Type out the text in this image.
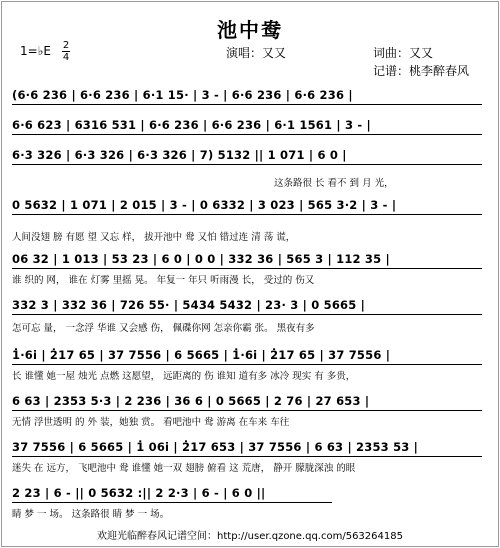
池中鸯
1=♭E 2
4	演唱：又又	词曲：又又
记谱：桃李醉春风
(6·6 236 | 6·6 236 | 6·1 15· | 3 - | 6·6 236 | 6·6 236 |
6·6 623 | 6316 531 | 6·6 236 | 6·6 236 | 6·1 1561 | 3 - |
6·3 326 | 6·3 326 | 6·3 326 | 7) 5132 || 1 071 | 6 0 |
这条路很 长 看不 到 月 光，
0 5632 | 1 071 | 2 015 | 3 - | 0 6332 | 3 023 | 565 3·2 | 3 - |
人间没翅 膀 有愿 望 又忘 样， 拔开池中 鸯 又怕 错过连 清 荡 谎，
06 32 | 1 013 | 53 23 | 6 0 | 0 0 | 332 36 | 565 3 | 112 35 |
谁 织的 网， 谁在 灯雾 里摇 晃。 年复一 年只 听雨漫 长， 受过的 伤又
332 3 | 332 36 | 726 55· | 5434 5432 | 23· 3 | 0 5665 |
怎可忘 量， 一念浮 华谁 又会感 伤， 佩碟你网 怎亲你霸 张。 黑夜有多
1̇·6i | 2̇17 65 | 37 7556 | 6 5665 | 1̇·6i | 2̇17 65 | 37 7556 |
长 谁懂 她一屋 烛光 点燃 这愿望， 远距离的 伤 谁知 道有多 冰冷 现实 有 多贵，
6 63 | 2353 5·3 | 2 236 | 36 6 | 0 5665 | 2 76 | 27 653 |
无情 浮世透明 的 外 装，她独 赏。 看吧池中 鸯 游离 在车来 车往
37 7556 | 6 5665 | 1̇ 06i | 2̇17 653 | 37 7556 | 6 63 | 2353 53 |
迷失 在 远方， 飞吧池中 鸯 谁懂 她一双 翅膀 俯看 这 荒唐， 静开 朦胧深浊 的眼
2 23 | 6 - || 0 5632 :|| 2 2·3 | 6 - | 6 0 ||
睛 梦 一 场。 这条路很 睛 梦 一 场。
欢迎光临醉春风记谱空间：http://user.qzone.qq.com/563264185
